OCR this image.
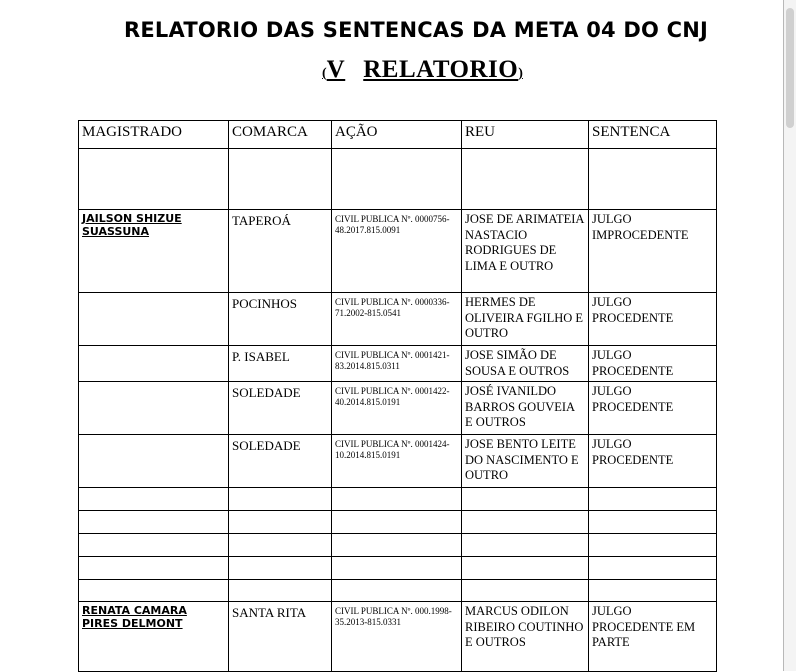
RELATORIO DAS SENTENCAS DA META 04 DO CNJ
(V RELATORIO)
MAGISTRADO	COMARCA	AÇÃO	REU	SENTENCA

JAILSON SHIZUE SUASSUNA	TAPEROÁ	CIVIL PUBLICA Nº. 0000756-48.2017.815.0091	JOSE DE ARIMATEIA NASTACIO RODRIGUES DE LIMA E OUTRO	JULGO IMPROCEDENTE
	POCINHOS	CIVIL PUBLICA Nº. 0000336-71.2002-815.0541	HERMES DE OLIVEIRA FGILHO E OUTRO	JULGO PROCEDENTE
	P. ISABEL	CIVIL PUBLICA Nº. 0001421-83.2014.815.0311	JOSE SIMÃO DE SOUSA E OUTROS	JULGO PROCEDENTE
	SOLEDADE	CIVIL PUBLICA Nº. 0001422-40.2014.815.0191	JOSÉ IVANILDO BARROS GOUVEIA E OUTROS	JULGO PROCEDENTE
	SOLEDADE	CIVIL PUBLICA Nº. 0001424-10.2014.815.0191	JOSE BENTO LEITE DO NASCIMENTO E OUTRO	JULGO PROCEDENTE

RENATA CAMARA PIRES DELMONT	SANTA RITA	CIVIL PUBLICA Nº. 000.1998-35.2013-815.0331	MARCUS ODILON RIBEIRO COUTINHO E OUTROS	JULGO PROCEDENTE EM PARTE
